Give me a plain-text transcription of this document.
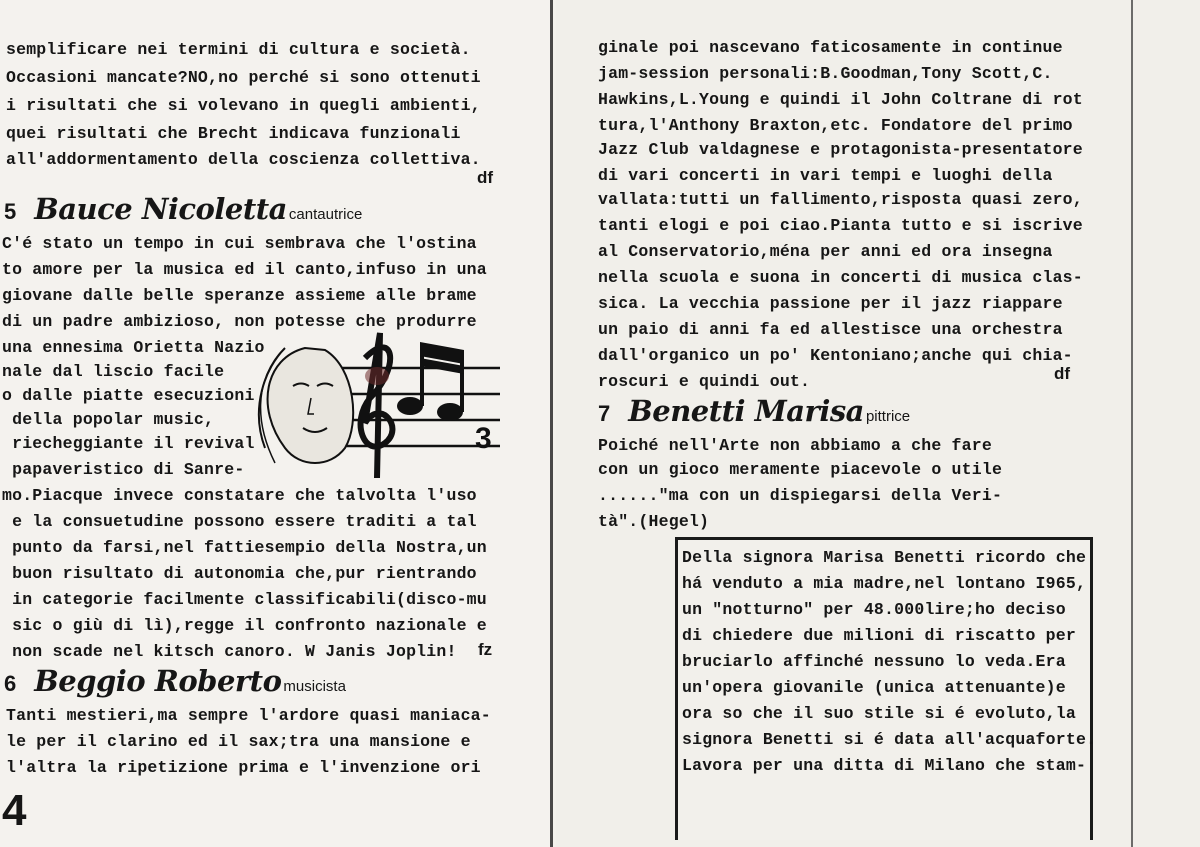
semplificare nei termini di cultura e società.
Occasioni mancate?NO,no perché si sono ottenuti
i risultati che si volevano in quegli ambienti,
quei risultati che Brecht indicava funzionali
all'addormentamento della coscienza collettiva.
df
5 Bauce Nicoletta cantautrice
C'é stato un tempo in cui sembrava che l'ostina
to amore per la musica ed il canto,infuso in una
giovane dalle belle speranze assieme alle brame
di un padre ambizioso, non potesse che produrre
una ennesima Orietta Nazio
nale dal liscio facile
o dalle piatte esecuzioni
della popolar music,
riecheggiante il revival
papaveristico di Sanre-
mo.Piacque invece constatare che talvolta l'uso
e la consuetudine possono essere traditi a tal
punto da farsi,nel fattiesempio della Nostra,un
buon risultato di autonomia che,pur rientrando
in categorie facilmente classificabili(disco-mu
sic o giù di lì),regge il confronto nazionale e
non scade nel kitsch canoro. W Janis Joplin! fz
6 Beggio Roberto musicista
Tanti mestieri,ma sempre l'ardore quasi maniaca-
le per il clarino ed il sax;tra una mansione e
l'altra la ripetizione prima e l'invenzione ori
4
3
ginale poi nascevano faticosamente in continue
jam-session personali:B.Goodman,Tony Scott,C.
Hawkins,L.Young e quindi il John Coltrane di rot
tura,l'Anthony Braxton,etc. Fondatore del primo
Jazz Club valdagnese e protagonista-presentatore
di vari concerti in vari tempi e luoghi della
vallata:tutti un fallimento,risposta quasi zero,
tanti elogi e poi ciao.Pianta tutto e si iscrive
al Conservatorio,ména per anni ed ora insegna
nella scuola e suona in concerti di musica clas-
sica. La vecchia passione per il jazz riappare
un paio di anni fa ed allestisce una orchestra
dall'organico un po' Kentoniano;anche qui chia-
roscuri e quindi out.	df
7 Benetti Marisa pittrice
Poiché nell'Arte non abbiamo a che fare
con un gioco meramente piacevole o utile
......"ma con un dispiegarsi della Veri-
tà".(Hegel)
Della signora Marisa Benetti ricordo che
há venduto a mia madre,nel lontano I965,
un "notturno" per 48.000lire;ho deciso
di chiedere due milioni di riscatto per
bruciarlo affinché nessuno lo veda.Era
un'opera giovanile (unica attenuante)e
ora so che il suo stile si é evoluto,la
signora Benetti si é data all'acquaforte.
Lavora per una ditta di Milano che stam-
